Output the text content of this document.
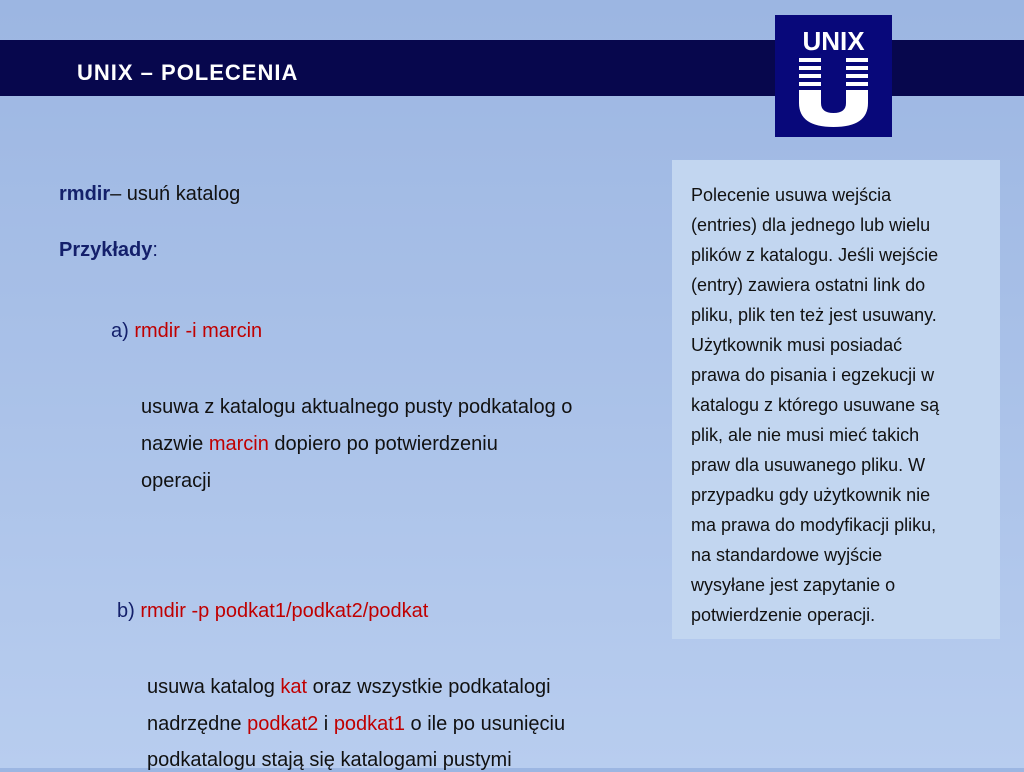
UNIX – POLECENIA
UNIX
rmdir– usuń katalog
Przykłady:
a) rmdir -i marcin
usuwa z katalogu aktualnego pusty podkatalog o
nazwie marcin dopiero po potwierdzeniu
operacji
b) rmdir -p podkat1/podkat2/podkat
usuwa katalog kat oraz wszystkie podkatalogi
nadrzędne podkat2 i podkat1 o ile po usunięciu
podkatalogu stają się katalogami pustymi
Polecenie usuwa wejścia
(entries) dla jednego lub wielu
plików z katalogu. Jeśli wejście
(entry) zawiera ostatni link do
pliku, plik ten też jest usuwany.
Użytkownik musi posiadać
prawa do pisania i egzekucji w
katalogu z którego usuwane są
plik, ale nie musi mieć takich
praw dla usuwanego pliku. W
przypadku gdy użytkownik nie
ma prawa do modyfikacji pliku,
na standardowe wyjście
wysyłane jest zapytanie o
potwierdzenie operacji.
